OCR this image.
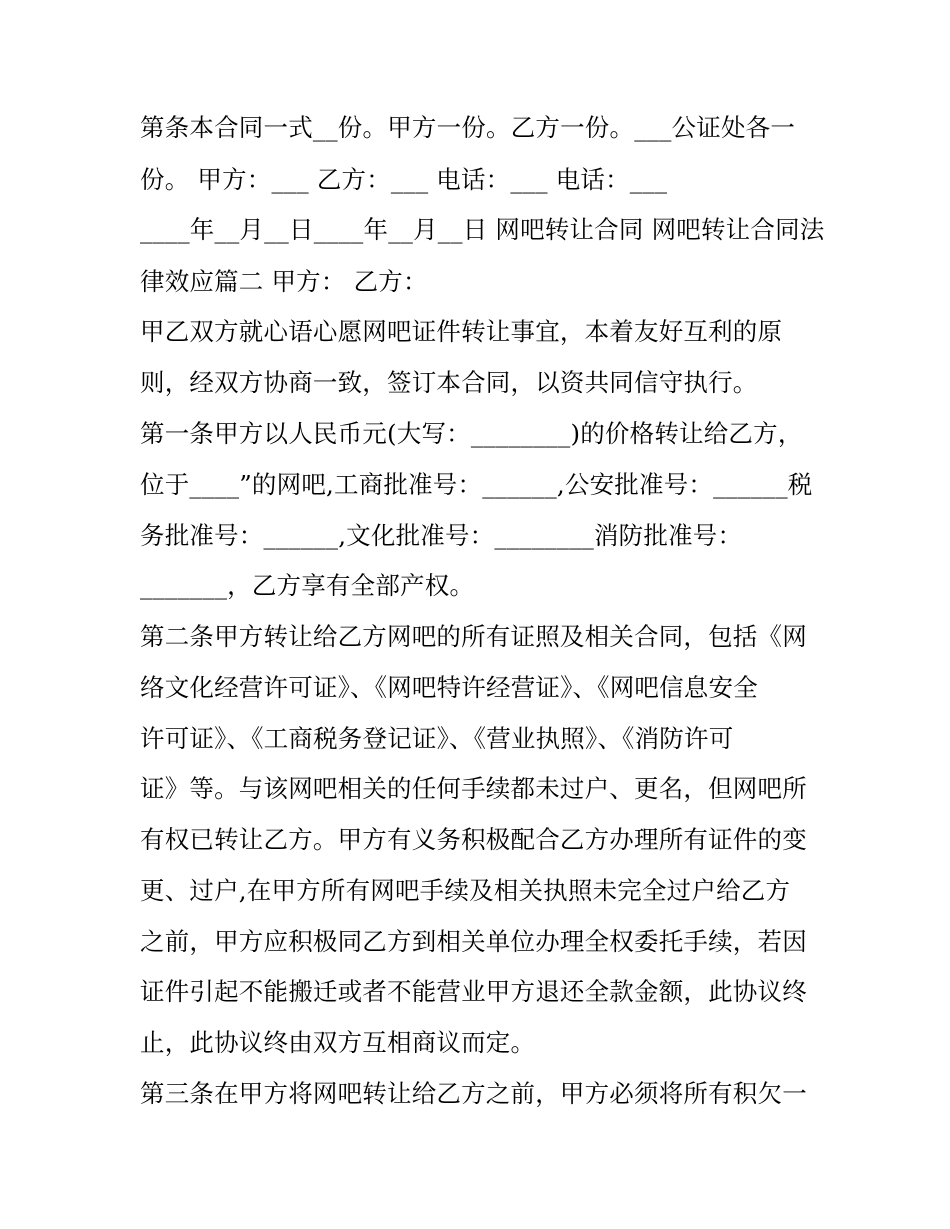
第条本合同一式__份。甲方一份。乙方一份。___公证处各一
份。 甲方：___ 乙方：___ 电话：___ 电话：___
____年__月__日____年__月__日 网吧转让合同 网吧转让合同法
律效应篇二 甲方： 乙方：
甲乙双方就心语心愿网吧证件转让事宜，本着友好互利的原
则，经双方协商一致，签订本合同，以资共同信守执行。
第一条甲方以人民币元(大写：________)的价格转让给乙方，
位于____”的网吧,工商批准号：______,公安批准号：______税
务批准号：______,文化批准号：________消防批准号：
_______，乙方享有全部产权。
第二条甲方转让给乙方网吧的所有证照及相关合同，包括《网
络文化经营许可证》、《网吧特许经营证》、《网吧信息安全
许可证》、《工商税务登记证》、《营业执照》、《消防许可
证》等。与该网吧相关的任何手续都未过户、更名，但网吧所
有权已转让乙方。甲方有义务积极配合乙方办理所有证件的变
更、过户,在甲方所有网吧手续及相关执照未完全过户给乙方
之前，甲方应积极同乙方到相关单位办理全权委托手续，若因
证件引起不能搬迁或者不能营业甲方退还全款金额，此协议终
止，此协议终由双方互相商议而定。
第三条在甲方将网吧转让给乙方之前，甲方必须将所有积欠一
